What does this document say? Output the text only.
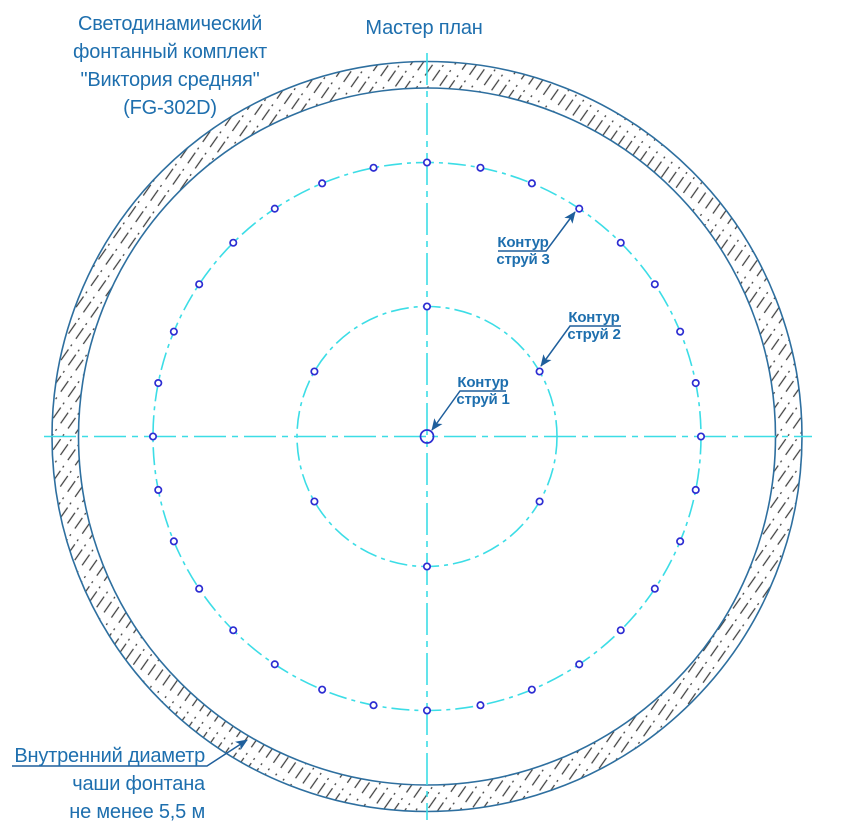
Светодинамический
фонтанный комплект
"Виктория средняя"
(FG-302D)
Мастер план
Контур
струй 3
Контур
струй 2
Контур
струй 1
Внутренний диаметр
чаши фонтана
не менее 5,5 м
